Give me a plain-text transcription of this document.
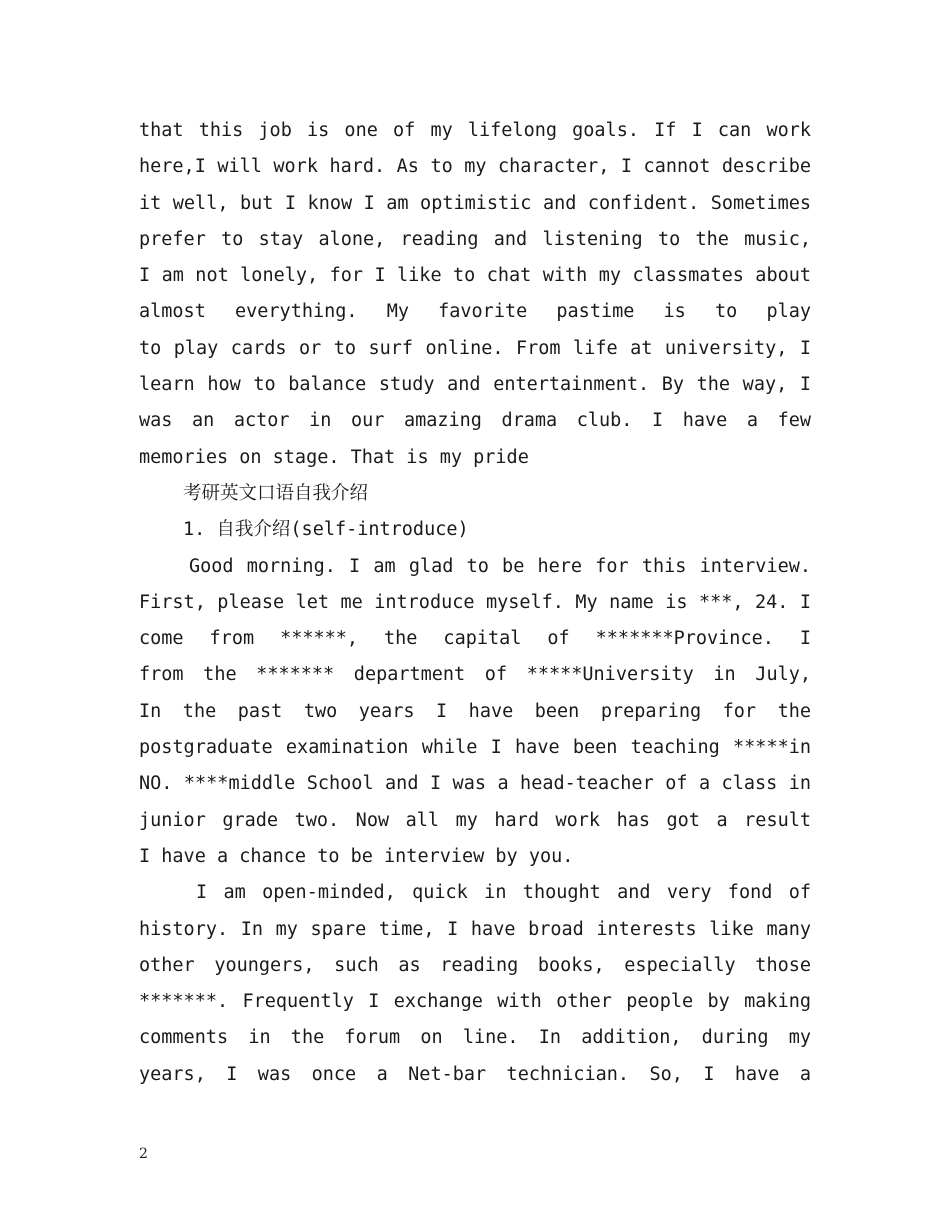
that this job is one of my lifelong goals. If I can work
here,I will work hard. As to my character, I cannot describe
it well, but I know I am optimistic and confident. Sometimes
prefer to stay alone, reading and listening to the music,
I am not lonely, for I like to chat with my classmates about
almost everything. My favorite pastime is to play
to play cards or to surf online. From life at university, I
learn how to balance study and entertainment. By the way, I
was an actor in our amazing drama club. I have a few
memories on stage. That is my pride
考研英文口语自我介绍
1. 自我介绍(self-introduce)
Good morning. I am glad to be here for this interview.
First, please let me introduce myself. My name is ***, 24. I
come from ******, the capital of *******Province. I
from the ******* department of *****University in July,
In the past two years I have been preparing for the
postgraduate examination while I have been teaching *****in
NO. ****middle School and I was a head-teacher of a class in
junior grade two. Now all my hard work has got a result
I have a chance to be interview by you.
I am open-minded, quick in thought and very fond of
history. In my spare time, I have broad interests like many
other youngers, such as reading books, especially those
*******. Frequently I exchange with other people by making
comments in the forum on line. In addition, during my
years, I was once a Net-bar technician. So, I have a
2
